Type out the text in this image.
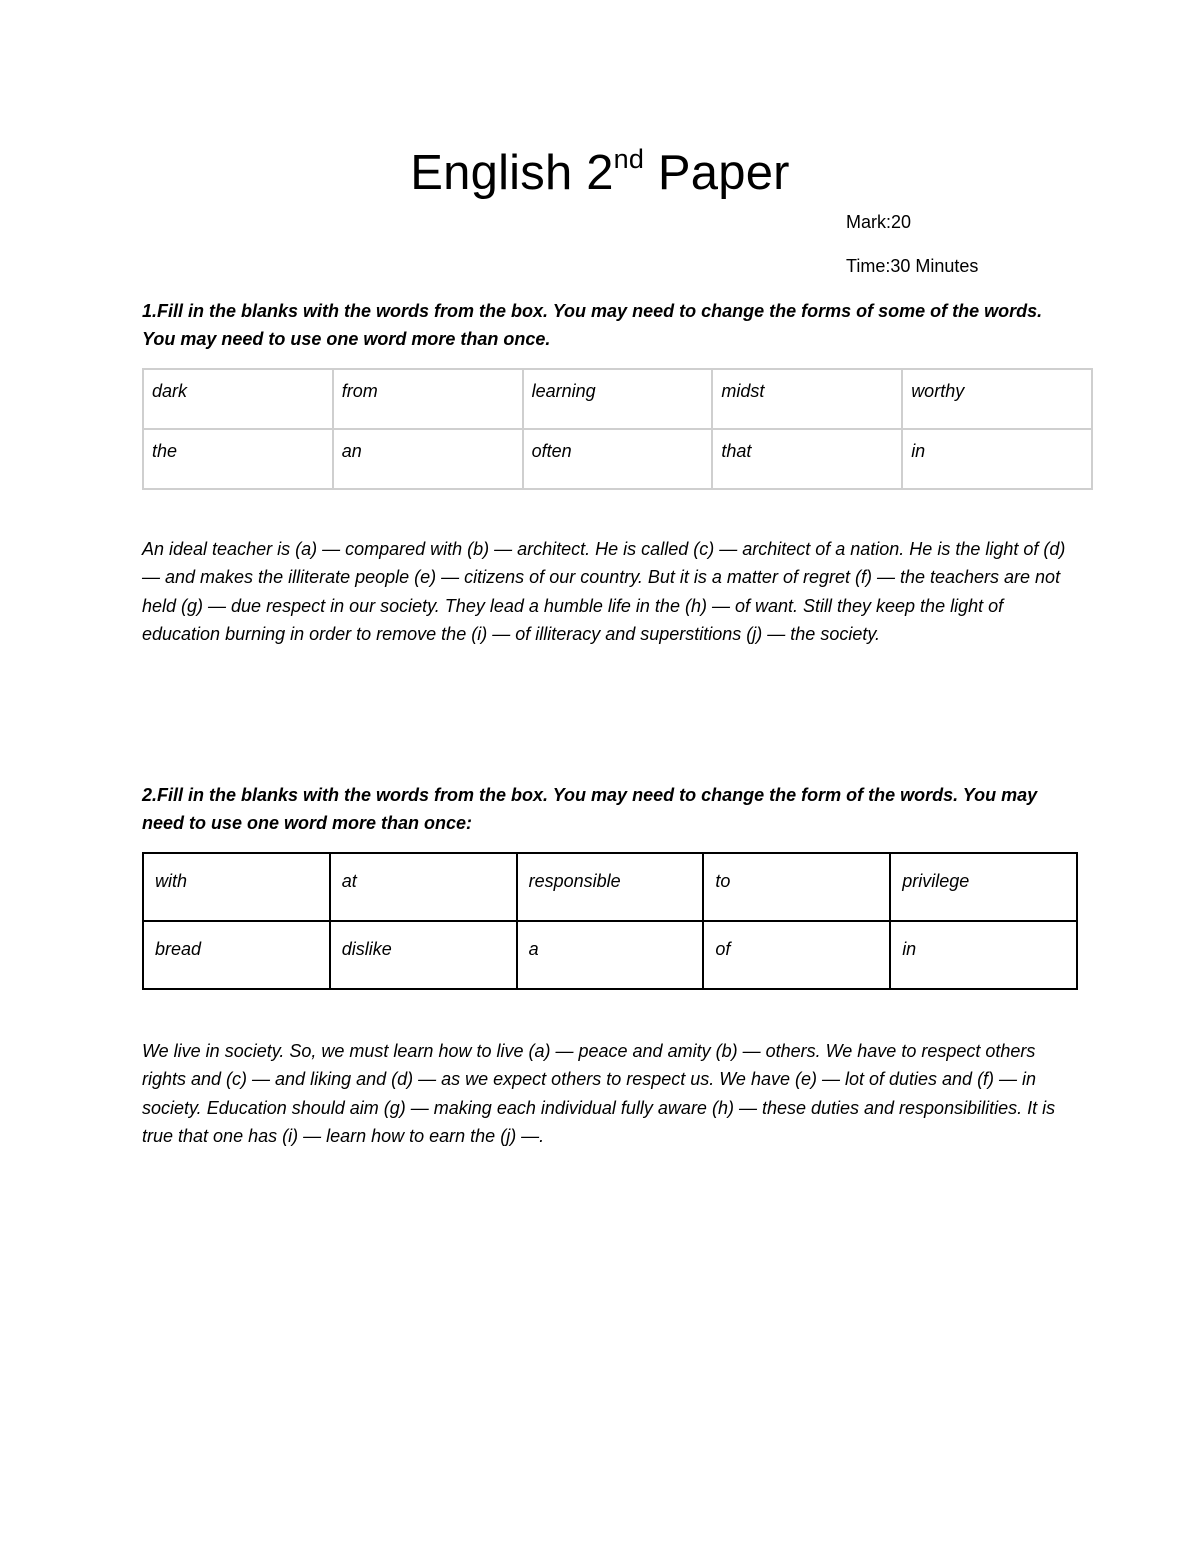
English 2nd Paper
Mark:20
Time:30 Minutes

1.Fill in the blanks with the words from the box. You may need to change the forms of some of the words. You may need to use one word more than once.

dark	from	learning	midst	worthy
the	an	often	that	in

An ideal teacher is (a) — compared with (b) — architect. He is called (c) — architect of a nation. He is the light of (d) — and makes the illiterate people (e) — citizens of our country. But it is a matter of regret (f) — the teachers are not held (g) — due respect in our society. They lead a humble life in the (h) — of want. Still they keep the light of education burning in order to remove the (i) — of illiteracy and superstitions (j) — the society.

2.Fill in the blanks with the words from the box. You may need to change the form of the words. You may need to use one word more than once:

with	at	responsible	to	privilege
bread	dislike	a	of	in

We live in society. So, we must learn how to live (a) — peace and amity (b) — others. We have to respect others rights and (c) — and liking and (d) — as we expect others to respect us. We have (e) — lot of duties and (f) — in society. Education should aim (g) — making each individual fully aware (h) — these duties and responsibilities. It is true that one has (i) — learn how to earn the (j) —.
